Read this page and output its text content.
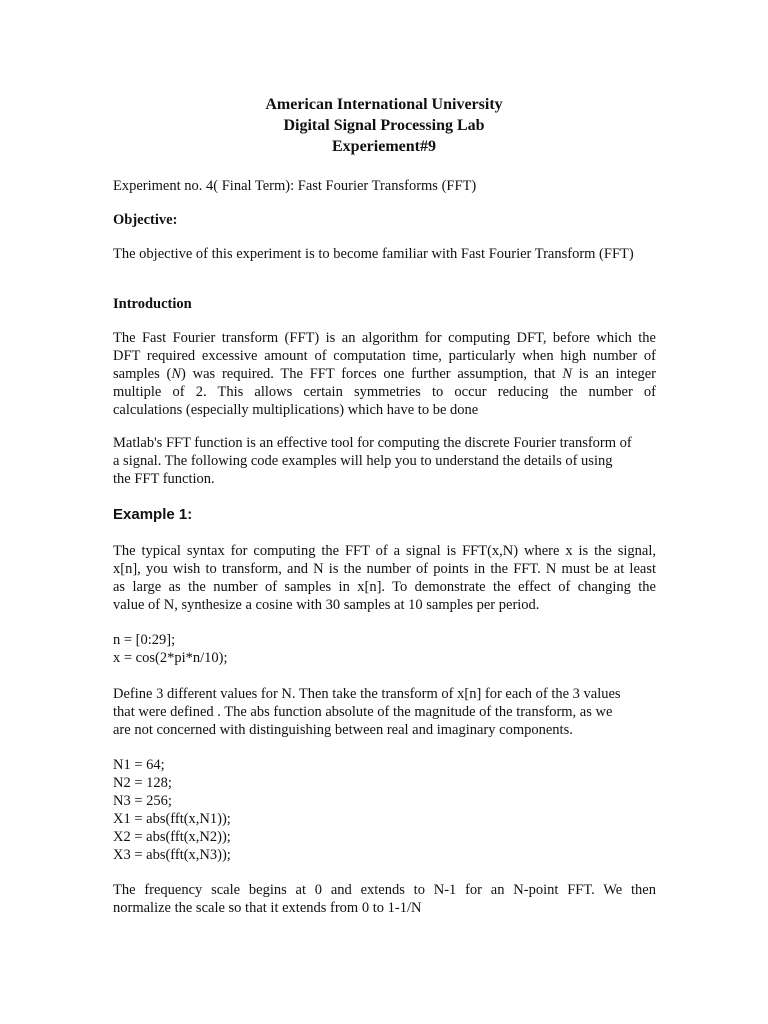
American International University
Digital Signal Processing Lab
Experiement#9

Experiment no. 4( Final Term): Fast Fourier Transforms (FFT)

Objective:

The objective of this experiment is to become familiar with Fast Fourier Transform (FFT)

Introduction

The Fast Fourier transform (FFT) is an algorithm for computing DFT, before which the
DFT required excessive amount of computation time, particularly when high number of
samples (N) was required. The FFT forces one further assumption, that N is an integer
multiple of 2. This allows certain symmetries to occur reducing the number of
calculations (especially multiplications) which have to be done
Matlab's FFT function is an effective tool for computing the discrete Fourier transform of
a signal. The following code examples will help you to understand the details of using
the FFT function.

Example 1:

The typical syntax for computing the FFT of a signal is FFT(x,N) where x is the signal,
x[n], you wish to transform, and N is the number of points in the FFT. N must be at least
as large as the number of samples in x[n]. To demonstrate the effect of changing the
value of N, synthesize a cosine with 30 samples at 10 samples per period.
n = [0:29];
x = cos(2*pi*n/10);
Define 3 different values for N. Then take the transform of x[n] for each of the 3 values
that were defined . The abs function absolute of the magnitude of the transform, as we
are not concerned with distinguishing between real and imaginary components.
N1 = 64;
N2 = 128;
N3 = 256;
X1 = abs(fft(x,N1));
X2 = abs(fft(x,N2));
X3 = abs(fft(x,N3));
The frequency scale begins at 0 and extends to N-1 for an N-point FFT. We then
normalize the scale so that it extends from 0 to 1-1/N
